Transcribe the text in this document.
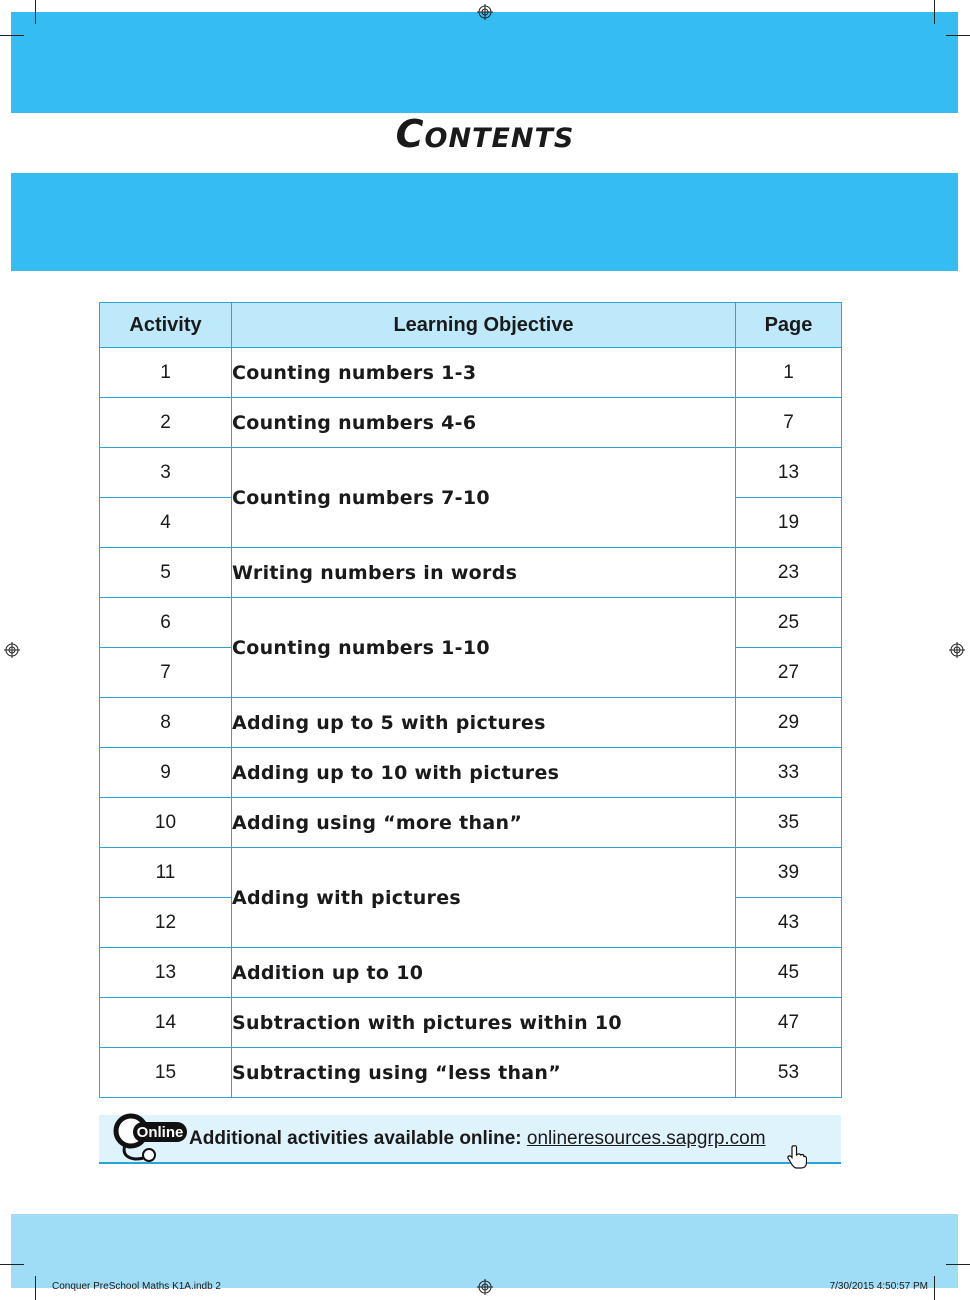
Contents
Activity	Learning Objective	Page
1	Counting numbers 1-3	1
2	Counting numbers 4-6	7
3	Counting numbers 7-10	13
4		19
5	Writing numbers in words	23
6	Counting numbers 1-10	25
7		27
8	Adding up to 5 with pictures	29
9	Adding up to 10 with pictures	33
10	Adding using “more than”	35
11	Adding with pictures	39
12		43
13	Addition up to 10	45
14	Subtraction with pictures within 10	47
15	Subtracting using “less than”	53
Online Additional activities available online: onlineresources.sapgrp.com
Conquer PreSchool Maths K1A.indb 2	7/30/2015 4:50:57 PM
